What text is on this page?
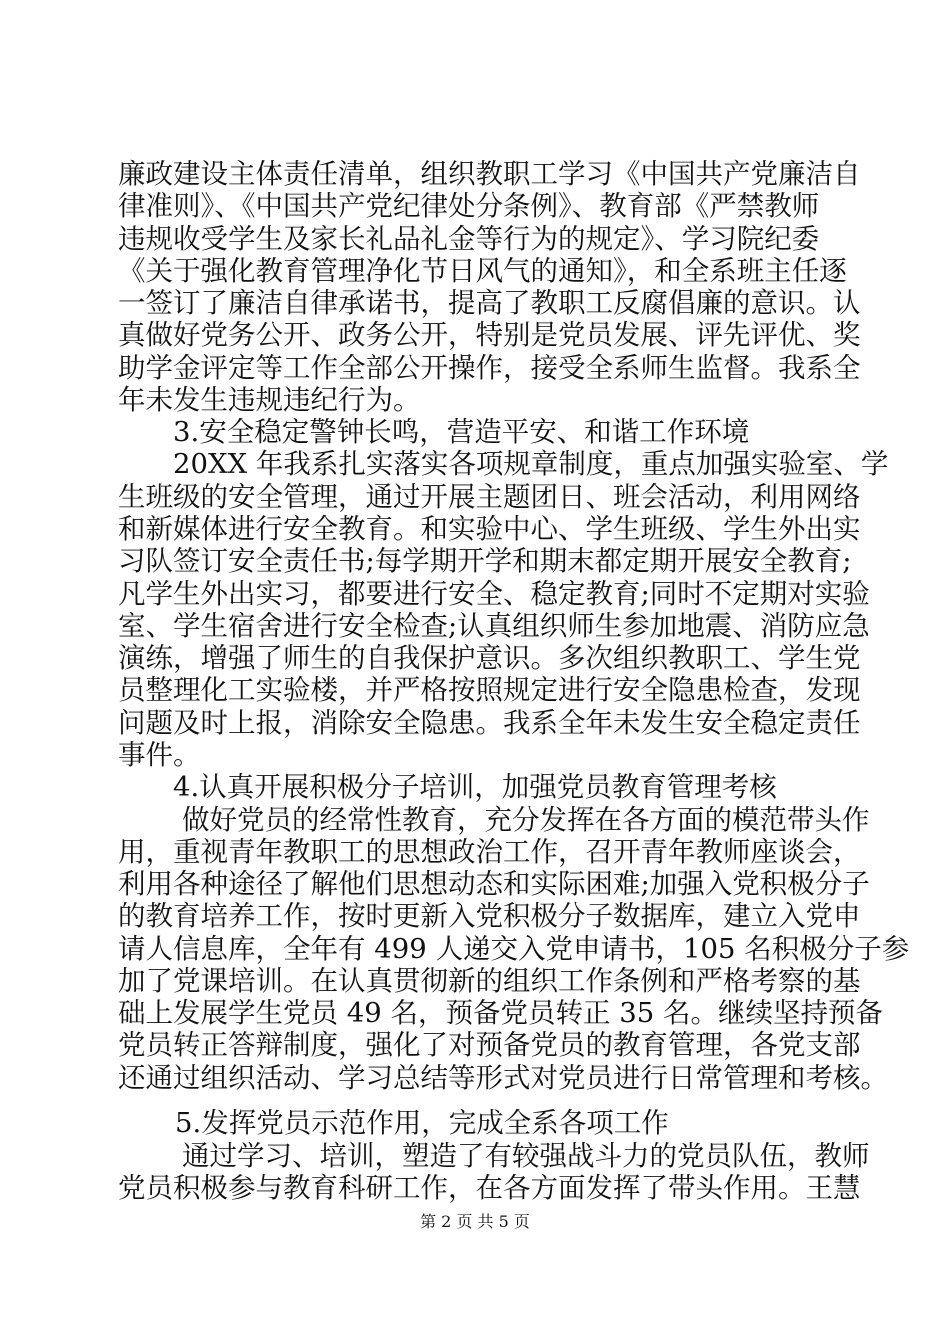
廉政建设主体责任清单，组织教职工学习《中国共产党廉洁自
律准则》、《中国共产党纪律处分条例》、教育部《严禁教师
违规收受学生及家长礼品礼金等行为的规定》、学习院纪委
《关于强化教育管理净化节日风气的通知》，和全系班主任逐
一签订了廉洁自律承诺书，提高了教职工反腐倡廉的意识。认
真做好党务公开、政务公开，特别是党员发展、评先评优、奖
助学金评定等工作全部公开操作，接受全系师生监督。我系全
年未发生违规违纪行为。
3.安全稳定警钟长鸣，营造平安、和谐工作环境
20XX 年我系扎实落实各项规章制度，重点加强实验室、学
生班级的安全管理，通过开展主题团日、班会活动，利用网络
和新媒体进行安全教育。和实验中心、学生班级、学生外出实
习队签订安全责任书;每学期开学和期末都定期开展安全教育;
凡学生外出实习，都要进行安全、稳定教育;同时不定期对实验
室、学生宿舍进行安全检查;认真组织师生参加地震、消防应急
演练，增强了师生的自我保护意识。多次组织教职工、学生党
员整理化工实验楼，并严格按照规定进行安全隐患检查，发现
问题及时上报，消除安全隐患。我系全年未发生安全稳定责任
事件。
4.认真开展积极分子培训，加强党员教育管理考核
做好党员的经常性教育，充分发挥在各方面的模范带头作
用，重视青年教职工的思想政治工作，召开青年教师座谈会，
利用各种途径了解他们思想动态和实际困难;加强入党积极分子
的教育培养工作，按时更新入党积极分子数据库，建立入党申
请人信息库，全年有 499 人递交入党申请书，105 名积极分子参
加了党课培训。在认真贯彻新的组织工作条例和严格考察的基
础上发展学生党员 49 名，预备党员转正 35 名。继续坚持预备
党员转正答辩制度，强化了对预备党员的教育管理，各党支部
还通过组织活动、学习总结等形式对党员进行日常管理和考核。
5.发挥党员示范作用，完成全系各项工作
通过学习、培训，塑造了有较强战斗力的党员队伍，教师
党员积极参与教育科研工作，在各方面发挥了带头作用。王慧
第 2 页 共 5 页
